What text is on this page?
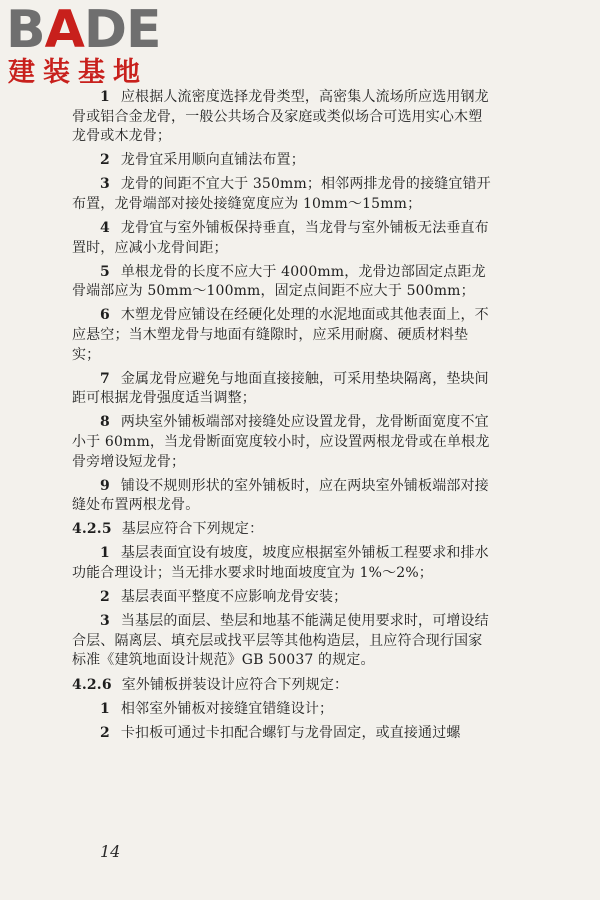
BADE
建装基地
1 应根据人流密度选择龙骨类型，高密集人流场所应选用钢龙骨或铝合金龙骨，一般公共场合及家庭或类似场合可选用实心木塑龙骨或木龙骨；
2 龙骨宜采用顺向直铺法布置；
3 龙骨的间距不宜大于 350mm；相邻两排龙骨的接缝宜错开布置，龙骨端部对接处接缝宽度应为 10mm～15mm；
4 龙骨宜与室外铺板保持垂直，当龙骨与室外铺板无法垂直布置时，应减小龙骨间距；
5 单根龙骨的长度不应大于 4000mm，龙骨边部固定点距龙骨端部应为 50mm～100mm，固定点间距不应大于 500mm；
6 木塑龙骨应铺设在经硬化处理的水泥地面或其他表面上，不应悬空；当木塑龙骨与地面有缝隙时，应采用耐腐、硬质材料垫实；
7 金属龙骨应避免与地面直接接触，可采用垫块隔离，垫块间距可根据龙骨强度适当调整；
8 两块室外铺板端部对接缝处应设置龙骨，龙骨断面宽度不宜小于 60mm，当龙骨断面宽度较小时，应设置两根龙骨或在单根龙骨旁增设短龙骨；
9 铺设不规则形状的室外铺板时，应在两块室外铺板端部对接缝处布置两根龙骨。
4.2.5 基层应符合下列规定：
1 基层表面宜设有坡度，坡度应根据室外铺板工程要求和排水功能合理设计；当无排水要求时地面坡度宜为 1%～2%；
2 基层表面平整度不应影响龙骨安装；
3 当基层的面层、垫层和地基不能满足使用要求时，可增设结合层、隔离层、填充层或找平层等其他构造层，且应符合现行国家标准《建筑地面设计规范》GB 50037 的规定。
4.2.6 室外铺板拼装设计应符合下列规定：
1 相邻室外铺板对接缝宜错缝设计；
2 卡扣板可通过卡扣配合螺钉与龙骨固定，或直接通过螺
14
